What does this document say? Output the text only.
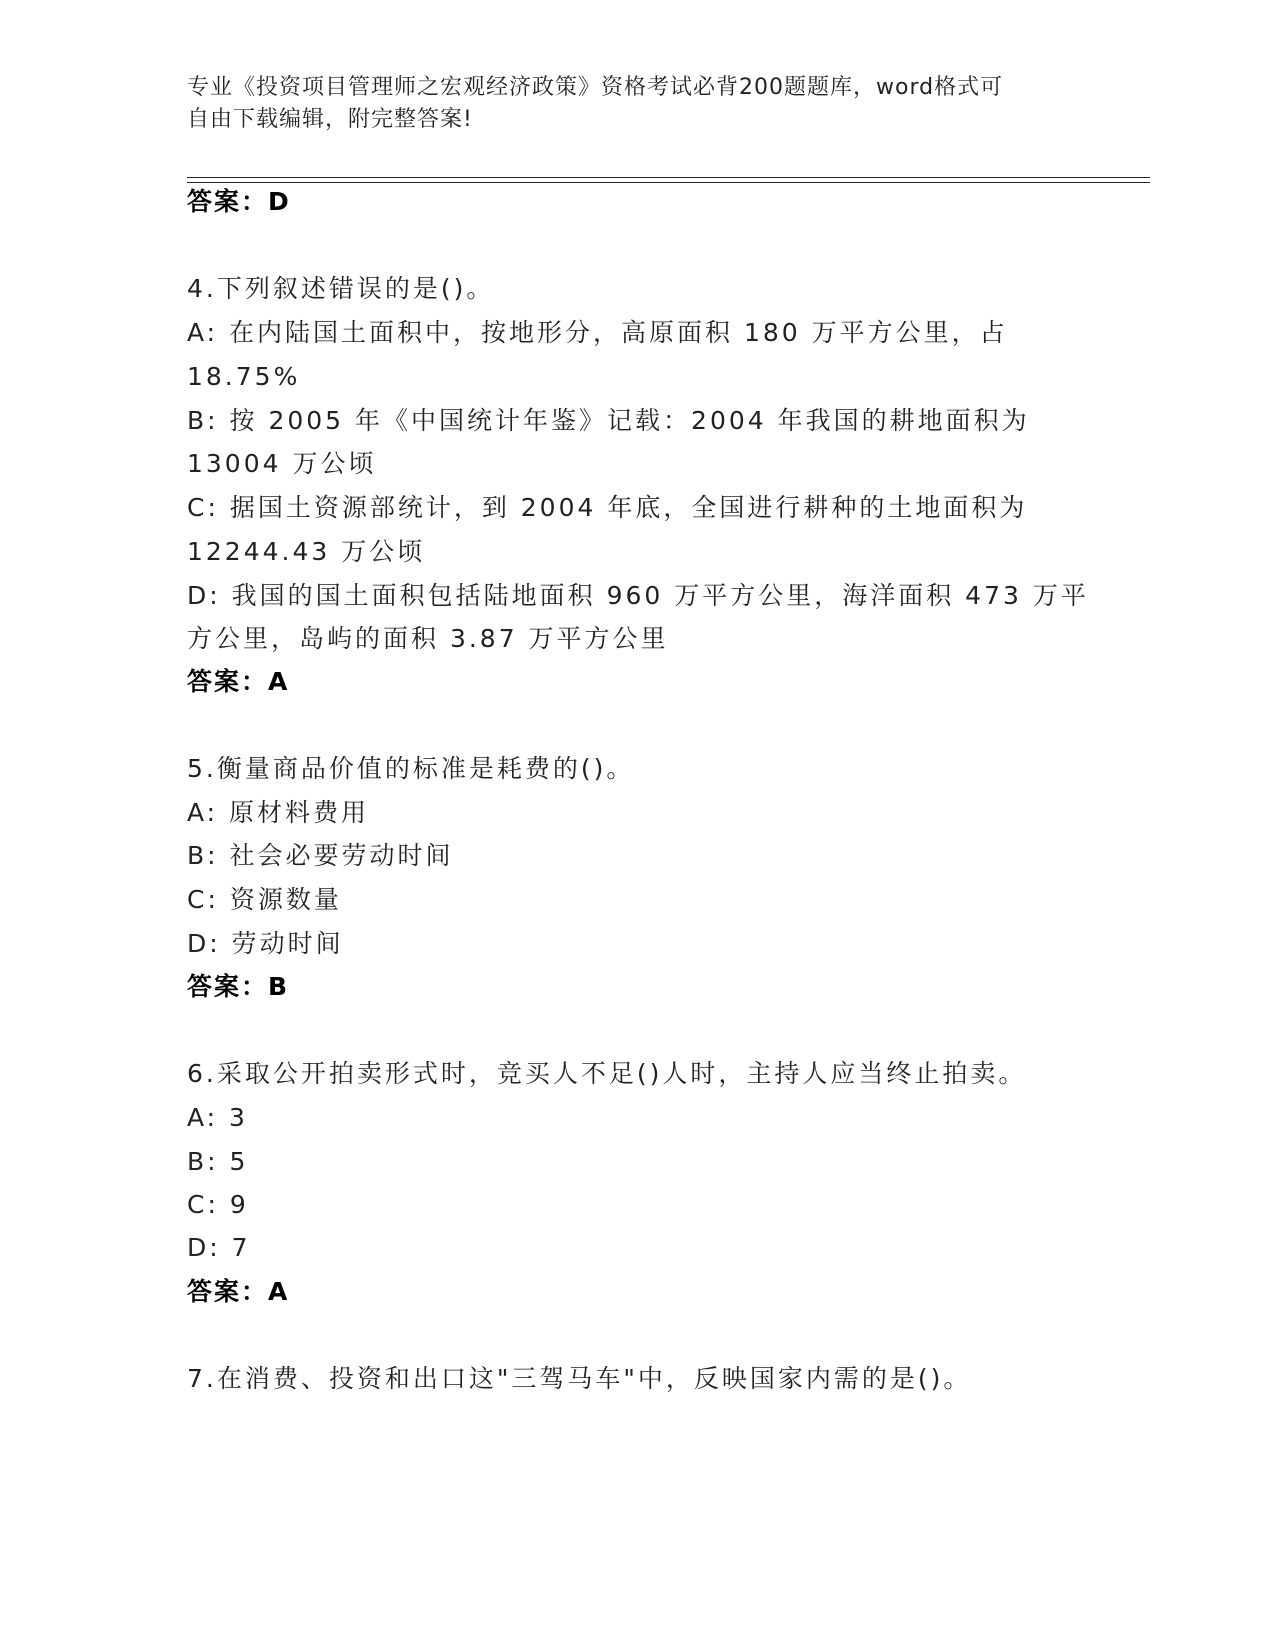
专业《投资项目管理师之宏观经济政策》资格考试必背200题题库，word格式可
自由下载编辑，附完整答案!
答案：D
4.下列叙述错误的是()。
A: 在内陆国土面积中，按地形分，高原面积 180 万平方公里，占
18.75%
B: 按 2005 年《中国统计年鉴》记载：2004 年我国的耕地面积为
13004 万公顷
C: 据国土资源部统计，到 2004 年底，全国进行耕种的土地面积为
12244.43 万公顷
D: 我国的国土面积包括陆地面积 960 万平方公里，海洋面积 473 万平
方公里，岛屿的面积 3.87 万平方公里
答案：A
5.衡量商品价值的标准是耗费的()。
A: 原材料费用
B: 社会必要劳动时间
C: 资源数量
D: 劳动时间
答案：B
6.采取公开拍卖形式时，竞买人不足()人时，主持人应当终止拍卖。
A: 3
B: 5
C: 9
D: 7
答案：A
7.在消费、投资和出口这"三驾马车"中，反映国家内需的是()。
